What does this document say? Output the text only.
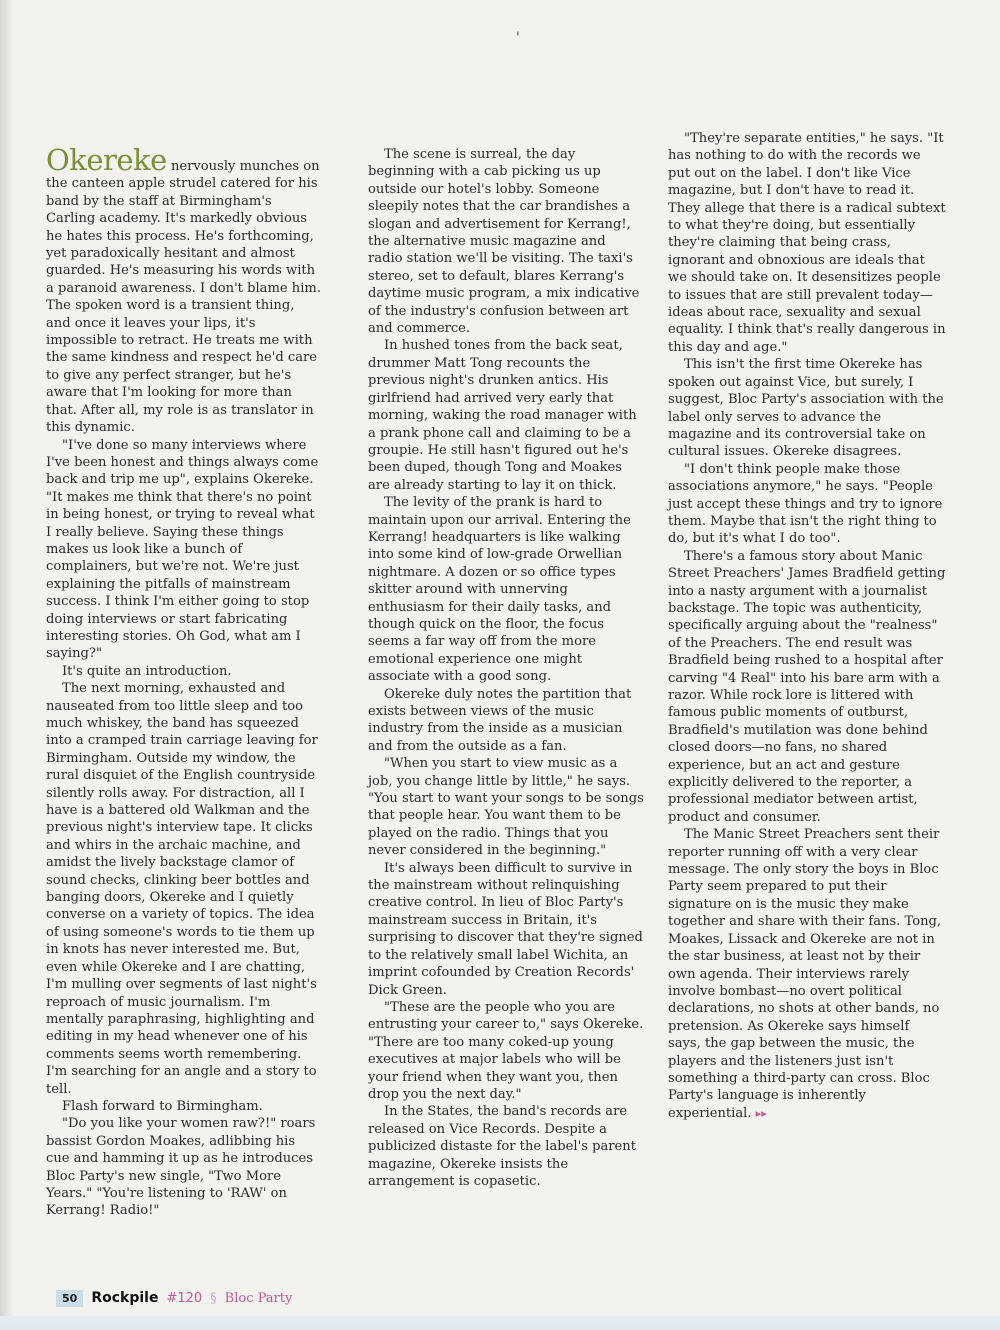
'

Okereke nervously munches on the canteen apple strudel catered for his band by the staff at Birmingham's Carling academy. It's markedly obvious he hates this process. He's forthcoming, yet paradoxically hesitant and almost guarded. He's measuring his words with a paranoid awareness. I don't blame him. The spoken word is a transient thing, and once it leaves your lips, it's impossible to retract. He treats me with the same kindness and respect he'd care to give any perfect stranger, but he's aware that I'm looking for more than that. After all, my role is as translator in this dynamic.

"I've done so many interviews where I've been honest and things always come back and trip me up", explains Okereke. "It makes me think that there's no point in being honest, or trying to reveal what I really believe. Saying these things makes us look like a bunch of complainers, but we're not. We're just explaining the pitfalls of mainstream success. I think I'm either going to stop doing interviews or start fabricating interesting stories. Oh God, what am I saying?"

It's quite an introduction.

The next morning, exhausted and nauseated from too little sleep and too much whiskey, the band has squeezed into a cramped train carriage leaving for Birmingham. Outside my window, the rural disquiet of the English countryside silently rolls away. For distraction, all I have is a battered old Walkman and the previous night's interview tape. It clicks and whirs in the archaic machine, and amidst the lively backstage clamor of sound checks, clinking beer bottles and banging doors, Okereke and I quietly converse on a variety of topics. The idea of using someone's words to tie them up in knots has never interested me. But, even while Okereke and I are chatting, I'm mulling over segments of last night's reproach of music journalism. I'm mentally paraphrasing, highlighting and editing in my head whenever one of his comments seems worth remembering. I'm searching for an angle and a story to tell.

Flash forward to Birmingham.

"Do you like your women raw?!" roars bassist Gordon Moakes, adlibbing his cue and hamming it up as he introduces Bloc Party's new single, "Two More Years." "You're listening to 'RAW' on Kerrang! Radio!"

The scene is surreal, the day beginning with a cab picking us up outside our hotel's lobby. Someone sleepily notes that the car brandishes a slogan and advertisement for Kerrang!, the alternative music magazine and radio station we'll be visiting. The taxi's stereo, set to default, blares Kerrang's daytime music program, a mix indicative of the industry's confusion between art and commerce.

In hushed tones from the back seat, drummer Matt Tong recounts the previous night's drunken antics. His girlfriend had arrived very early that morning, waking the road manager with a prank phone call and claiming to be a groupie. He still hasn't figured out he's been duped, though Tong and Moakes are already starting to lay it on thick.

The levity of the prank is hard to maintain upon our arrival. Entering the Kerrang! headquarters is like walking into some kind of low-grade Orwellian nightmare. A dozen or so office types skitter around with unnerving enthusiasm for their daily tasks, and though quick on the floor, the focus seems a far way off from the more emotional experience one might associate with a good song.

Okereke duly notes the partition that exists between views of the music industry from the inside as a musician and from the outside as a fan.

"When you start to view music as a job, you change little by little," he says. "You start to want your songs to be songs that people hear. You want them to be played on the radio. Things that you never considered in the beginning."

It's always been difficult to survive in the mainstream without relinquishing creative control. In lieu of Bloc Party's mainstream success in Britain, it's surprising to discover that they're signed to the relatively small label Wichita, an imprint cofounded by Creation Records' Dick Green.

"These are the people who you are entrusting your career to," says Okereke. "There are too many coked-up young executives at major labels who will be your friend when they want you, then drop you the next day."

In the States, the band's records are released on Vice Records. Despite a publicized distaste for the label's parent magazine, Okereke insists the arrangement is copasetic.

"They're separate entities," he says. "It has nothing to do with the records we put out on the label. I don't like Vice magazine, but I don't have to read it. They allege that there is a radical subtext to what they're doing, but essentially they're claiming that being crass, ignorant and obnoxious are ideals that we should take on. It desensitizes people to issues that are still prevalent today—ideas about race, sexuality and sexual equality. I think that's really dangerous in this day and age."

This isn't the first time Okereke has spoken out against Vice, but surely, I suggest, Bloc Party's association with the label only serves to advance the magazine and its controversial take on cultural issues. Okereke disagrees.

"I don't think people make those associations anymore," he says. "People just accept these things and try to ignore them. Maybe that isn't the right thing to do, but it's what I do too".

There's a famous story about Manic Street Preachers' James Bradfield getting into a nasty argument with a journalist backstage. The topic was authenticity, specifically arguing about the "realness" of the Preachers. The end result was Bradfield being rushed to a hospital after carving "4 Real" into his bare arm with a razor. While rock lore is littered with famous public moments of outburst, Bradfield's mutilation was done behind closed doors—no fans, no shared experience, but an act and gesture explicitly delivered to the reporter, a professional mediator between artist, product and consumer.

The Manic Street Preachers sent their reporter running off with a very clear message. The only story the boys in Bloc Party seem prepared to put their signature on is the music they make together and share with their fans. Tong, Moakes, Lissack and Okereke are not in the star business, at least not by their own agenda. Their interviews rarely involve bombast—no overt political declarations, no shots at other bands, no pretension. As Okereke says himself says, the gap between the music, the players and the listeners just isn't something a third-party can cross. Bloc Party's language is inherently experiential. ▸▸

50	Rockpile #120 § Bloc Party
